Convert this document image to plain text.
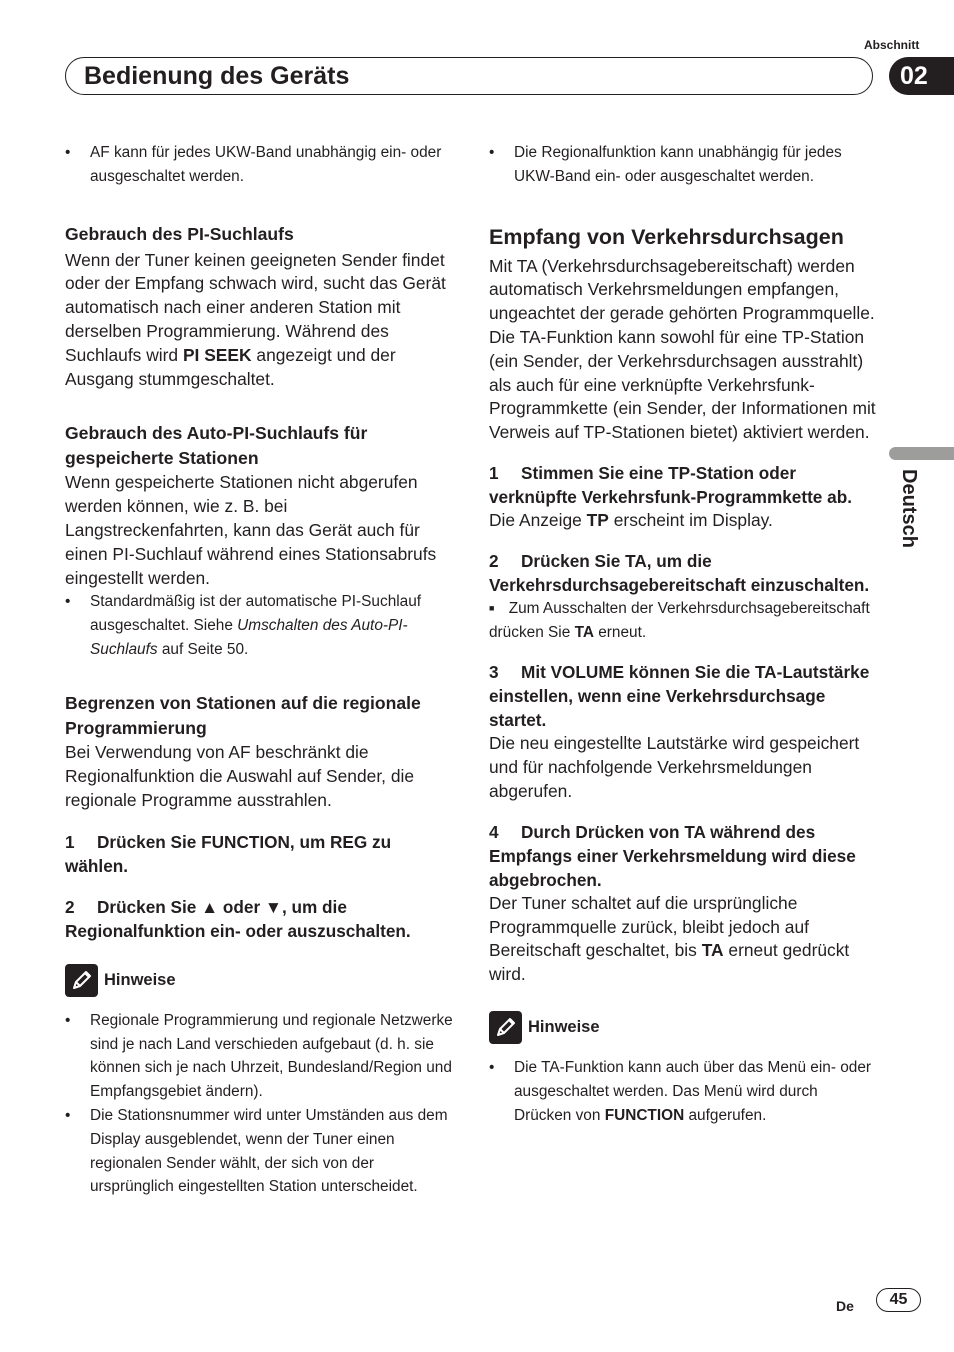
Abschnitt
Bedienung des Geräts	02
Deutsch

• AF kann für jedes UKW-Band unabhängig ein- oder ausgeschaltet werden.

Gebrauch des PI-Suchlaufs

Wenn der Tuner keinen geeigneten Sender findet oder der Empfang schwach wird, sucht das Gerät automatisch nach einer anderen Station mit derselben Programmierung. Während des Suchlaufs wird PI SEEK angezeigt und der Ausgang stummgeschaltet.

Gebrauch des Auto-PI-Suchlaufs für gespeicherte Stationen

Wenn gespeicherte Stationen nicht abgerufen werden können, wie z. B. bei Langstreckenfahrten, kann das Gerät auch für einen PI-Suchlauf während eines Stationsabrufs eingestellt werden.

• Standardmäßig ist der automatische PI-Suchlauf ausgeschaltet. Siehe Umschalten des Auto-PI-Suchlaufs auf Seite 50.

Begrenzen von Stationen auf die regionale Programmierung

Bei Verwendung von AF beschränkt die Regionalfunktion die Auswahl auf Sender, die regionale Programme ausstrahlen.

1 Drücken Sie FUNCTION, um REG zu wählen.

2 Drücken Sie ▲ oder ▼, um die Regionalfunktion ein- oder auszuschalten.

Hinweise

• Regionale Programmierung und regionale Netzwerke sind je nach Land verschieden aufgebaut (d. h. sie können sich je nach Uhrzeit, Bundesland/Region und Empfangsgebiet ändern).

• Die Stationsnummer wird unter Umständen aus dem Display ausgeblendet, wenn der Tuner einen regionalen Sender wählt, der sich von der ursprünglich eingestellten Station unterscheidet.

• Die Regionalfunktion kann unabhängig für jedes UKW-Band ein- oder ausgeschaltet werden.

Empfang von Verkehrsdurchsagen

Mit TA (Verkehrsdurchsagebereitschaft) werden automatisch Verkehrsmeldungen empfangen, ungeachtet der gerade gehörten Programmquelle. Die TA-Funktion kann sowohl für eine TP-Station (ein Sender, der Verkehrsdurchsagen ausstrahlt) als auch für eine verknüpfte Verkehrsfunk-Programmkette (ein Sender, der Informationen mit Verweis auf TP-Stationen bietet) aktiviert werden.

1 Stimmen Sie eine TP-Station oder verknüpfte Verkehrsfunk-Programmkette ab.

Die Anzeige TP erscheint im Display.

2 Drücken Sie TA, um die Verkehrsdurchsagebereitschaft einzuschalten.

■ Zum Ausschalten der Verkehrsdurchsagebereitschaft drücken Sie TA erneut.

3 Mit VOLUME können Sie die TA-Lautstärke einstellen, wenn eine Verkehrsdurchsage startet.

Die neu eingestellte Lautstärke wird gespeichert und für nachfolgende Verkehrsmeldungen abgerufen.

4 Durch Drücken von TA während des Empfangs einer Verkehrsmeldung wird diese abgebrochen.

Der Tuner schaltet auf die ursprüngliche Programmquelle zurück, bleibt jedoch auf Bereitschaft geschaltet, bis TA erneut gedrückt wird.

Hinweise

• Die TA-Funktion kann auch über das Menü ein- oder ausgeschaltet werden. Das Menü wird durch Drücken von FUNCTION aufgerufen.

De	45
